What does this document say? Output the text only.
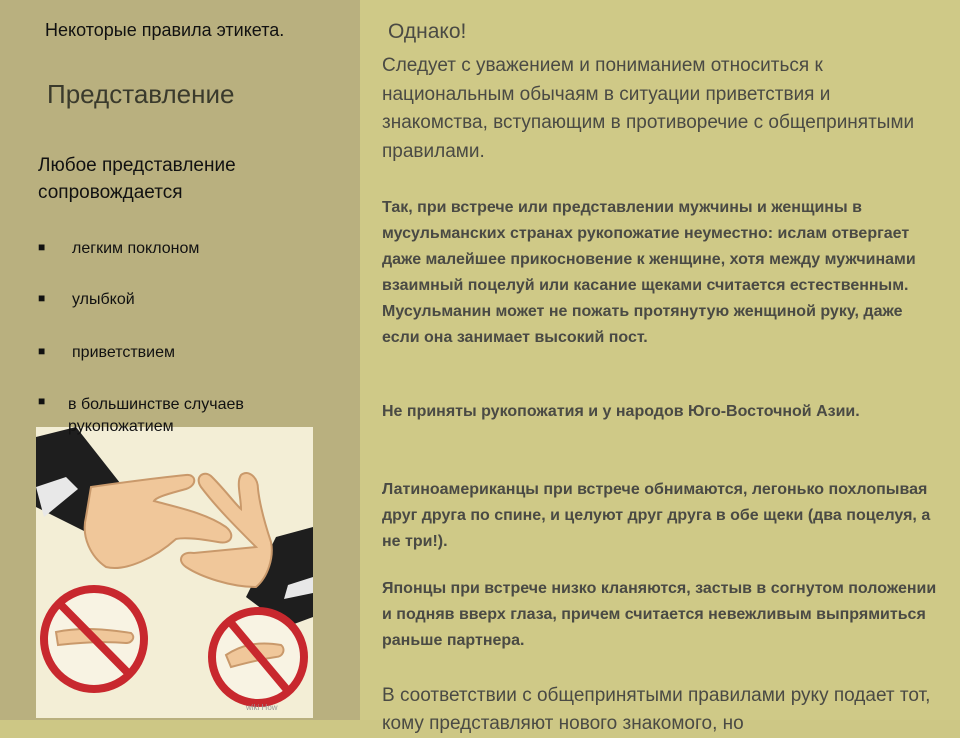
Некоторые правила этикета.

Представление

Любое представление сопровождается

■ легким поклоном
■ улыбкой
■ приветствием
wiki How
■ в большинстве случаев рукопожатием

Однако!

Следует с уважением и пониманием относиться к национальным обычаям в ситуации приветствия и знакомства, вступающим в противоречие с общепринятыми правилами.

Так, при встрече или представлении мужчины и женщины в мусульманских странах рукопожатие неуместно: ислам отвергает даже малейшее прикосновение к женщине, хотя между мужчинами взаимный поцелуй или касание щеками считается естественным. Мусульманин может не пожать протянутую женщиной руку, даже если она занимает высокий пост.

Не приняты рукопожатия и у народов Юго-Восточной Азии.

Латиноамериканцы при встрече обнимаются, легонько похлопывая друг друга по спине, и целуют друг друга в обе щеки (два поцелуя, а не три!).

Японцы при встрече низко кланяются, застыв в согнутом положении и подняв вверх глаза, причем считается невежливым выпрямиться раньше партнера.

В соответствии с общепринятыми правилами руку подает тот, кому представляют нового знакомого, но
